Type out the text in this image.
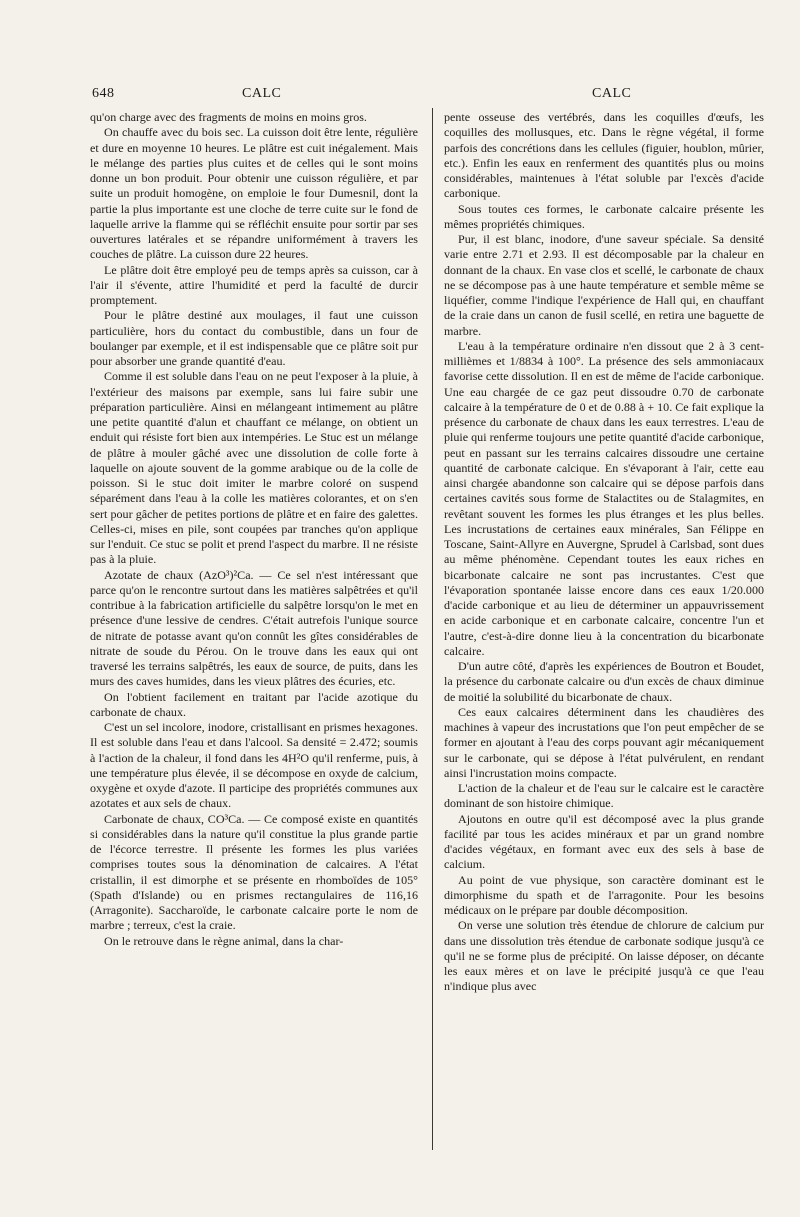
648	CALC	CALC

qu'on charge avec des fragments de moins en moins gros.

On chauffe avec du bois sec. La cuisson doit être lente, régulière et dure en moyenne 10 heures. Le plâtre est cuit inégalement. Mais le mélange des parties plus cuites et de celles qui le sont moins donne un bon produit. Pour obtenir une cuisson régulière, et par suite un produit homogène, on emploie le four Dumesnil, dont la partie la plus importante est une cloche de terre cuite sur le fond de laquelle arrive la flamme qui se réfléchit ensuite pour sortir par ses ouvertures latérales et se répandre uniformément à travers les couches de plâtre. La cuisson dure 22 heures.

Le plâtre doit être employé peu de temps après sa cuisson, car à l'air il s'évente, attire l'humidité et perd la faculté de durcir promptement.

Pour le plâtre destiné aux moulages, il faut une cuisson particulière, hors du contact du combustible, dans un four de boulanger par exemple, et il est indispensable que ce plâtre soit pur pour absorber une grande quantité d'eau.

Comme il est soluble dans l'eau on ne peut l'exposer à la pluie, à l'extérieur des maisons par exemple, sans lui faire subir une préparation particulière. Ainsi en mélangeant intimement au plâtre une petite quantité d'alun et chauffant ce mélange, on obtient un enduit qui résiste fort bien aux intempéries. Le Stuc est un mélange de plâtre à mouler gâché avec une dissolution de colle forte à laquelle on ajoute souvent de la gomme arabique ou de la colle de poisson. Si le stuc doit imiter le marbre coloré on suspend séparément dans l'eau à la colle les matières colorantes, et on s'en sert pour gâcher de petites portions de plâtre et en faire des galettes. Celles-ci, mises en pile, sont coupées par tranches qu'on applique sur l'enduit. Ce stuc se polit et prend l'aspect du marbre. Il ne résiste pas à la pluie.

Azotate de chaux (AzO³)²Ca. — Ce sel n'est intéressant que parce qu'on le rencontre surtout dans les matières salpêtrées et qu'il contribue à la fabrication artificielle du salpêtre lorsqu'on le met en présence d'une lessive de cendres. C'était autrefois l'unique source de nitrate de potasse avant qu'on connût les gîtes considérables de nitrate de soude du Pérou. On le trouve dans les eaux qui ont traversé les terrains salpêtrés, les eaux de source, de puits, dans les murs des caves humides, dans les vieux plâtres des écuries, etc.

On l'obtient facilement en traitant par l'acide azotique du carbonate de chaux.

C'est un sel incolore, inodore, cristallisant en prismes hexagones. Il est soluble dans l'eau et dans l'alcool. Sa densité = 2.472; soumis à l'action de la chaleur, il fond dans les 4H²O qu'il renferme, puis, à une température plus élevée, il se décompose en oxyde de calcium, oxygène et oxyde d'azote. Il participe des propriétés communes aux azotates et aux sels de chaux.

Carbonate de chaux, CO³Ca. — Ce composé existe en quantités si considérables dans la nature qu'il constitue la plus grande partie de l'écorce terrestre. Il présente les formes les plus variées comprises toutes sous la dénomination de calcaires. A l'état cristallin, il est dimorphe et se présente en rhomboïdes de 105° (Spath d'Islande) ou en prismes rectangulaires de 116,16 (Arragonite). Saccharoïde, le carbonate calcaire porte le nom de marbre ; terreux, c'est la craie.

On le retrouve dans le règne animal, dans la char-

pente osseuse des vertébrés, dans les coquilles d'œufs, les coquilles des mollusques, etc. Dans le règne végétal, il forme parfois des concrétions dans les cellules (figuier, houblon, mûrier, etc.). Enfin les eaux en renferment des quantités plus ou moins considérables, maintenues à l'état soluble par l'excès d'acide carbonique.

Sous toutes ces formes, le carbonate calcaire présente les mêmes propriétés chimiques.

Pur, il est blanc, inodore, d'une saveur spéciale. Sa densité varie entre 2.71 et 2.93. Il est décomposable par la chaleur en donnant de la chaux. En vase clos et scellé, le carbonate de chaux ne se décompose pas à une haute température et semble même se liquéfier, comme l'indique l'expérience de Hall qui, en chauffant de la craie dans un canon de fusil scellé, en retira une baguette de marbre.

L'eau à la température ordinaire n'en dissout que 2 à 3 cent-millièmes et 1/8834 à 100°. La présence des sels ammoniacaux favorise cette dissolution. Il en est de même de l'acide carbonique. Une eau chargée de ce gaz peut dissoudre 0.70 de carbonate calcaire à la température de 0 et de 0.88 à + 10. Ce fait explique la présence du carbonate de chaux dans les eaux terrestres. L'eau de pluie qui renferme toujours une petite quantité d'acide carbonique, peut en passant sur les terrains calcaires dissoudre une certaine quantité de carbonate calcique. En s'évaporant à l'air, cette eau ainsi chargée abandonne son calcaire qui se dépose parfois dans certaines cavités sous forme de Stalactites ou de Stalagmites, en revêtant souvent les formes les plus étranges et les plus belles. Les incrustations de certaines eaux minérales, San Félippe en Toscane, Saint-Allyre en Auvergne, Sprudel à Carlsbad, sont dues au même phénomène. Cependant toutes les eaux riches en bicarbonate calcaire ne sont pas incrustantes. C'est que l'évaporation spontanée laisse encore dans ces eaux 1/20.000 d'acide carbonique et au lieu de déterminer un appauvrissement en acide carbonique et en carbonate calcaire, concentre l'un et l'autre, c'est-à-dire donne lieu à la concentration du bicarbonate calcaire.

D'un autre côté, d'après les expériences de Boutron et Boudet, la présence du carbonate calcaire ou d'un excès de chaux diminue de moitié la solubilité du bicarbonate de chaux.

Ces eaux calcaires déterminent dans les chaudières des machines à vapeur des incrustations que l'on peut empêcher de se former en ajoutant à l'eau des corps pouvant agir mécaniquement sur le carbonate, qui se dépose à l'état pulvérulent, en rendant ainsi l'incrustation moins compacte.

L'action de la chaleur et de l'eau sur le calcaire est le caractère dominant de son histoire chimique.

Ajoutons en outre qu'il est décomposé avec la plus grande facilité par tous les acides minéraux et par un grand nombre d'acides végétaux, en formant avec eux des sels à base de calcium.

Au point de vue physique, son caractère dominant est le dimorphisme du spath et de l'arragonite. Pour les besoins médicaux on le prépare par double décomposition.

On verse une solution très étendue de chlorure de calcium pur dans une dissolution très étendue de carbonate sodique jusqu'à ce qu'il ne se forme plus de précipité. On laisse déposer, on décante les eaux mères et on lave le précipité jusqu'à ce que l'eau n'indique plus avec
